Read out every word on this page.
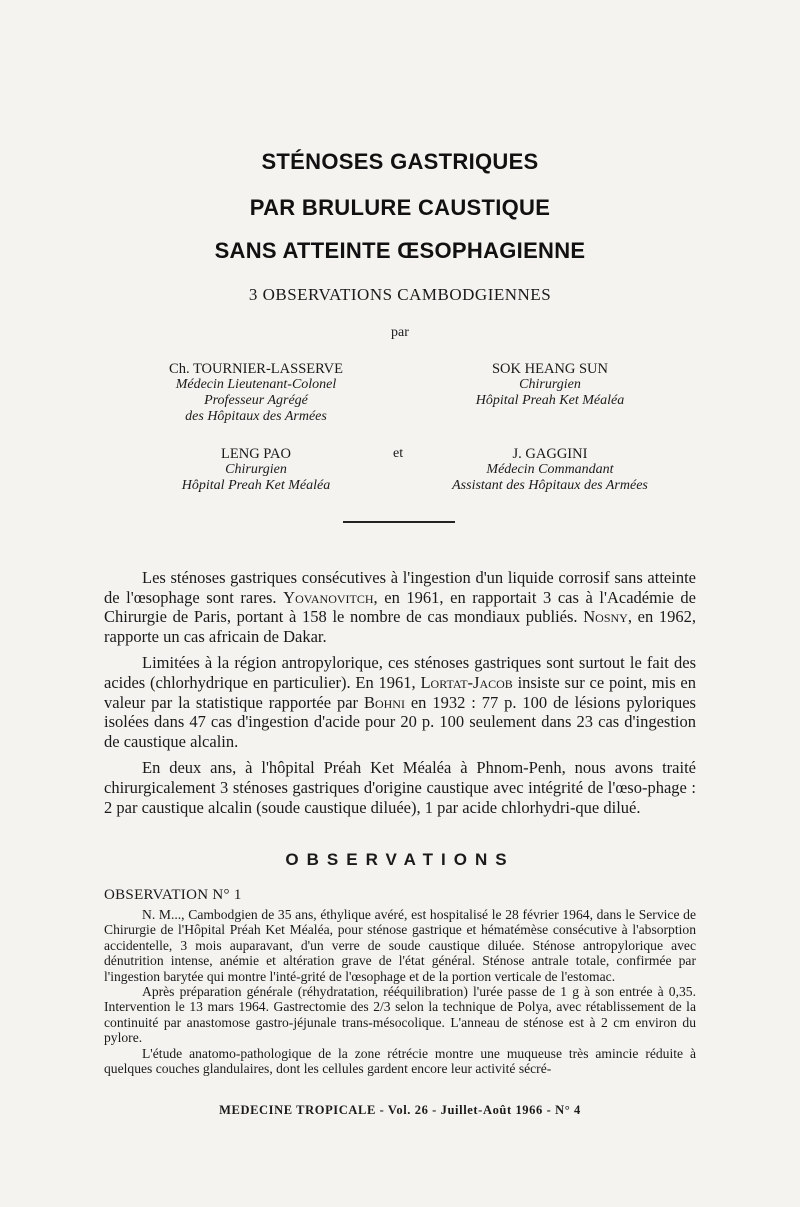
STÉNOSES GASTRIQUES
PAR BRULURE CAUSTIQUE
SANS ATTEINTE ŒSOPHAGIENNE
3 OBSERVATIONS CAMBODGIENNES
par
Ch. TOURNIER-LASSERVE
Médecin Lieutenant-Colonel
Professeur Agrégé
des Hôpitaux des Armées
SOK HEANG SUN
Chirurgien
Hôpital Preah Ket Méaléa
LENG PAO
Chirurgien
Hôpital Preah Ket Méaléa
et	J. GAGGINI
Médecin Commandant
Assistant des Hôpitaux des Armées

Les sténoses gastriques consécutives à l'ingestion d'un liquide corrosif sans atteinte de l'œsophage sont rares. Yovanovitch, en 1961, en rapportait 3 cas à l'Académie de Chirurgie de Paris, portant à 158 le nombre de cas mondiaux publiés. Nosny, en 1962, rapporte un cas africain de Dakar.

Limitées à la région antropylorique, ces sténoses gastriques sont surtout le fait des acides (chlorhydrique en particulier). En 1961, Lortat-Jacob insiste sur ce point, mis en valeur par la statistique rapportée par Bohni en 1932 : 77 p. 100 de lésions pyloriques isolées dans 47 cas d'ingestion d'acide pour 20 p. 100 seulement dans 23 cas d'ingestion de caustique alcalin.

En deux ans, à l'hôpital Préah Ket Méaléa à Phnom-Penh, nous avons traité chirurgicalement 3 sténoses gastriques d'origine caustique avec intégrité de l'œso-phage : 2 par caustique alcalin (soude caustique diluée), 1 par acide chlorhydri-que dilué.

OBSERVATIONS
OBSERVATION N° 1

N. M..., Cambodgien de 35 ans, éthylique avéré, est hospitalisé le 28 février 1964, dans le Service de Chirurgie de l'Hôpital Préah Ket Méaléa, pour sténose gastrique et hématémèse consécutive à l'absorption accidentelle, 3 mois auparavant, d'un verre de soude caustique diluée. Sténose antropylorique avec dénutrition intense, anémie et altération grave de l'état général. Sténose antrale totale, confirmée par l'ingestion barytée qui montre l'inté-grité de l'œsophage et de la portion verticale de l'estomac.

Après préparation générale (réhydratation, rééquilibration) l'urée passe de 1 g à son entrée à 0,35. Intervention le 13 mars 1964. Gastrectomie des 2/3 selon la technique de Polya, avec rétablissement de la continuité par anastomose gastro-jéjunale trans-mésocolique. L'anneau de sténose est à 2 cm environ du pylore.

L'étude anatomo-pathologique de la zone rétrécie montre une muqueuse très amincie réduite à quelques couches glandulaires, dont les cellules gardent encore leur activité sécré-

MEDECINE TROPICALE - Vol. 26 - Juillet-Août 1966 - N° 4
